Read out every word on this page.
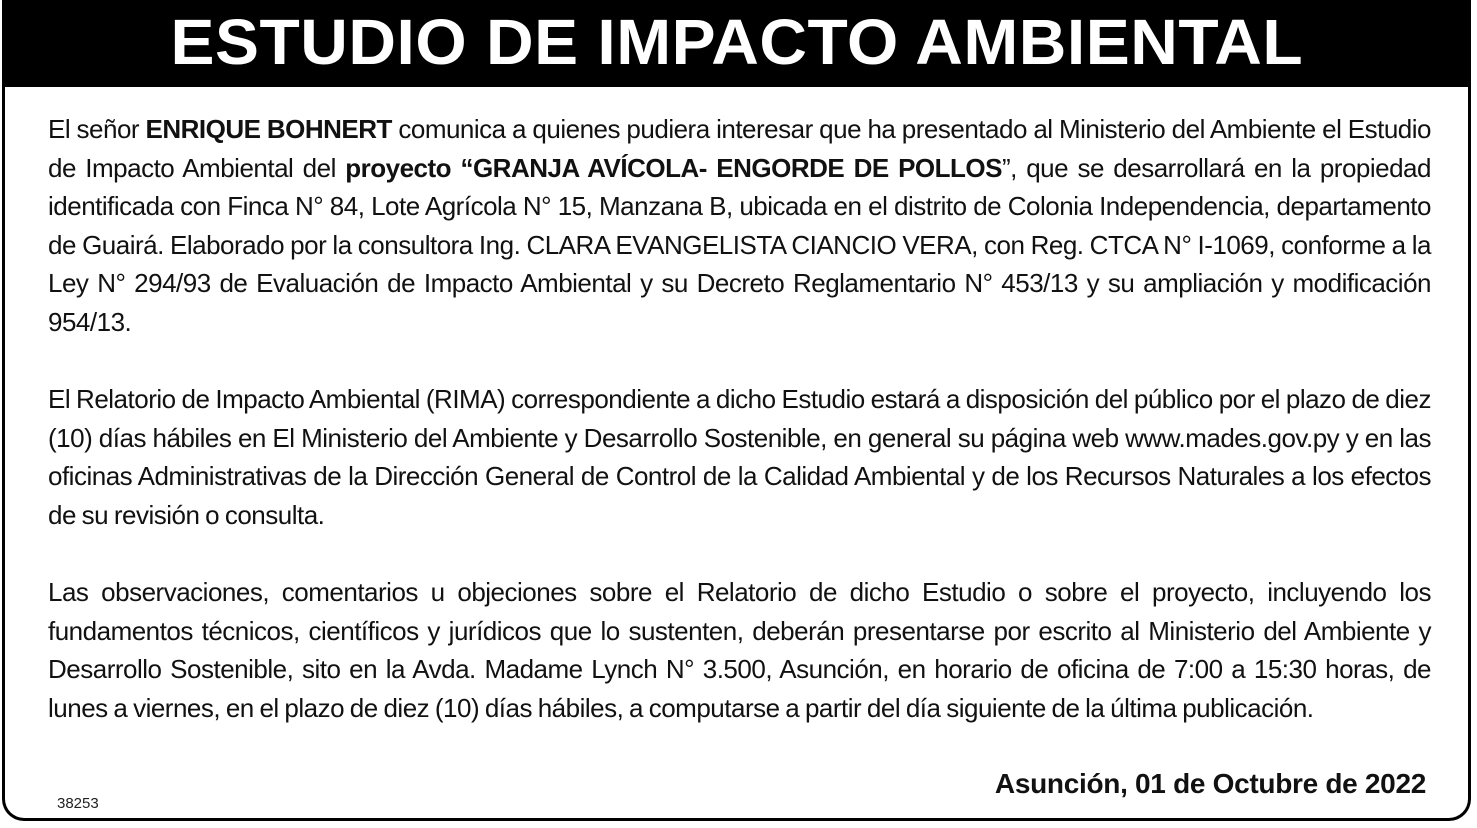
ESTUDIO DE IMPACTO AMBIENTAL

El señor ENRIQUE BOHNERT comunica a quienes pudiera interesar que ha presentado al Ministerio del Ambiente el Estudio de Impacto Ambiental del proyecto “GRANJA AVÍCOLA- ENGORDE DE POLLOS”, que se desarrollará en la propiedad identificada con Finca N° 84, Lote Agrícola N° 15, Manzana B, ubicada en el distrito de Colonia Independencia, departamento de Guairá. Elaborado por la consultora Ing. CLARA EVANGELISTA CIANCIO VERA, con Reg. CTCA N° I-1069, conforme a la Ley N° 294/93 de Evaluación de Impacto Ambiental y su Decreto Reglamentario N° 453/13 y su ampliación y modificación 954/13.

El Relatorio de Impacto Ambiental (RIMA) correspondiente a dicho Estudio estará a disposición del público por el plazo de diez (10) días hábiles en El Ministerio del Ambiente y Desarrollo Sostenible, en general su página web www.mades.gov.py y en las oficinas Administrativas de la Dirección General de Control de la Calidad Ambiental y de los Recursos Naturales a los efectos de su revisión o consulta.

Las observaciones, comentarios u objeciones sobre el Relatorio de dicho Estudio o sobre el proyecto, incluyendo los fundamentos técnicos, científicos y jurídicos que lo sustenten, deberán presentarse por escrito al Ministerio del Ambiente y Desarrollo Sostenible, sito en la Avda. Madame Lynch N° 3.500, Asunción, en horario de oficina de 7:00 a 15:30 horas, de lunes a viernes, en el plazo de diez (10) días hábiles, a computarse a partir del día siguiente de la última publicación.

Asunción, 01 de Octubre de 2022
38253
